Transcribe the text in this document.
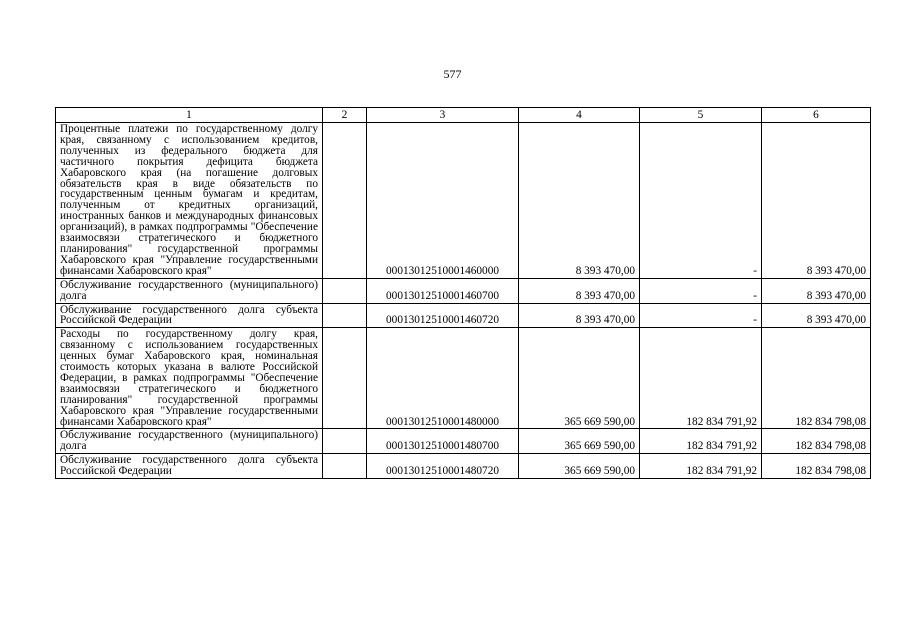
577
1	2	3	4	5	6
Процентные платежи по государственному долгу края, связанному с использованием кредитов, полученных из федерального бюджета для частичного покрытия дефицита бюджета Хабаровского края (на погашение долговых обязательств края в виде обязательств по государственным ценным бумагам и кредитам, полученным от кредитных организаций, иностранных банков и международных финансовых организаций), в рамках подпрограммы "Обеспечение взаимосвязи стратегического и бюджетного планирования" государственной программы Хабаровского края "Управление государственными финансами Хабаровского края"		00013012510001460000	8 393 470,00	-	8 393 470,00
Обслуживание государственного (муниципального) долга		00013012510001460700	8 393 470,00	-	8 393 470,00
Обслуживание государственного долга субъекта Российской Федерации		00013012510001460720	8 393 470,00	-	8 393 470,00
Расходы по государственному долгу края, связанному с использованием государственных ценных бумаг Хабаровского края, номинальная стоимость которых указана в валюте Российской Федерации, в рамках подпрограммы "Обеспечение взаимосвязи стратегического и бюджетного планирования" государственной программы Хабаровского края "Управление государственными финансами Хабаровского края"		00013012510001480000	365 669 590,00	182 834 791,92	182 834 798,08
Обслуживание государственного (муниципального) долга		00013012510001480700	365 669 590,00	182 834 791,92	182 834 798,08
Обслуживание государственного долга субъекта Российской Федерации		00013012510001480720	365 669 590,00	182 834 791,92	182 834 798,08
